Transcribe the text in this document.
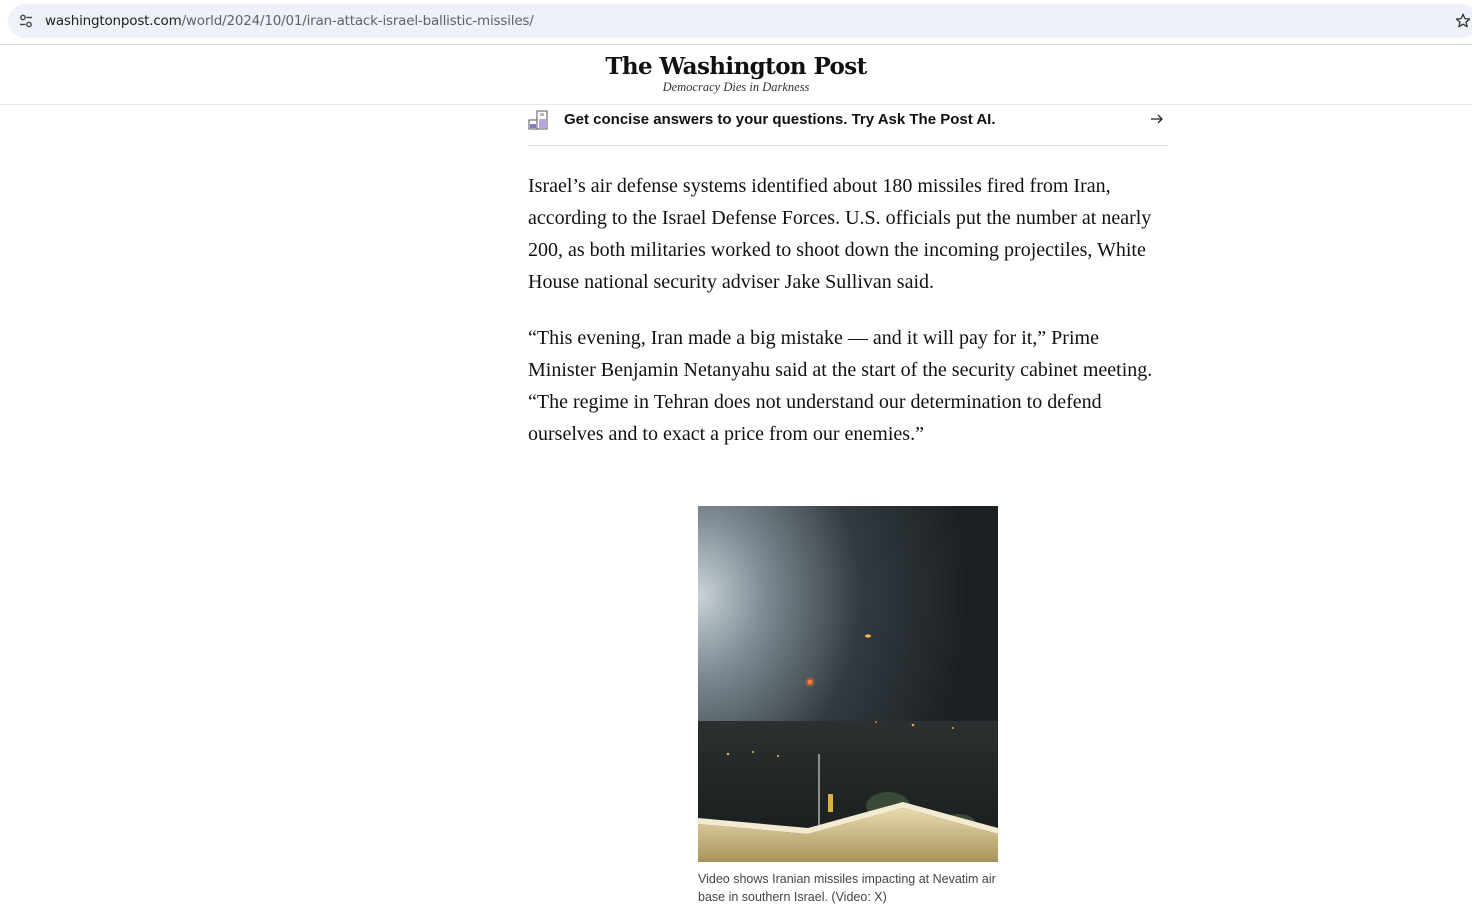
washingtonpost.com/world/2024/10/01/iran-attack-israel-ballistic-missiles/
The Washington Post
Democracy Dies in Darkness
Get concise answers to your questions. Try Ask The Post AI.

Israel’s air defense systems identified about 180 missiles fired from Iran, according to the Israel Defense Forces. U.S. officials put the number at nearly 200, as both militaries worked to shoot down the incoming projectiles, White House national security adviser Jake Sullivan said.

“This evening, Iran made a big mistake — and it will pay for it,” Prime Minister Benjamin Netanyahu said at the start of the security cabinet meeting. “The regime in Tehran does not understand our determination to defend ourselves and to exact a price from our enemies.”

Video shows Iranian missiles impacting at Nevatim air base in southern Israel. (Video: X)
